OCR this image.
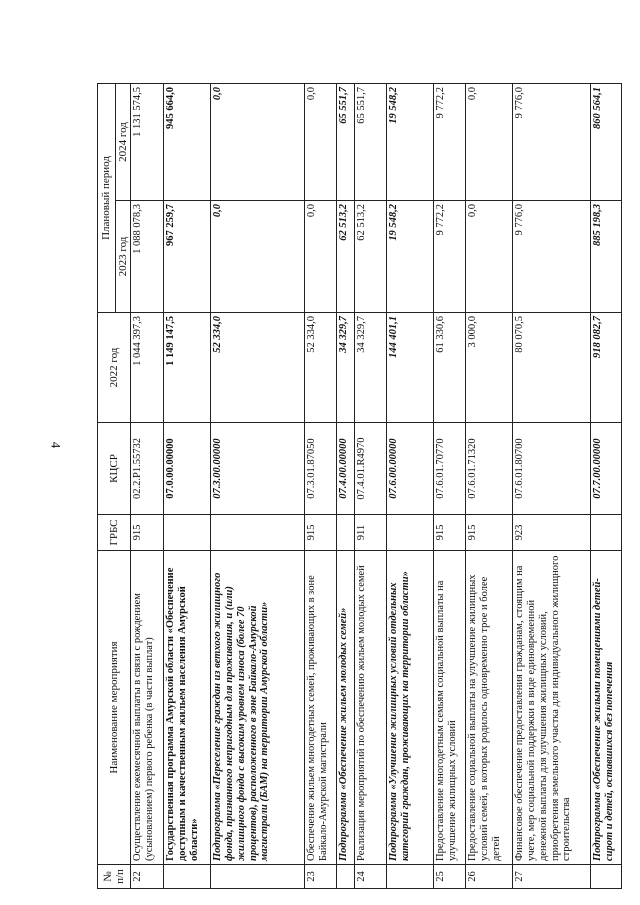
4
№ п/п	Наименование мероприятия	ГРБС	КЦСР	2022 год	Плановый период	
					2023 год	2024 год
22	Осуществление ежемесячной выплаты в связи с рождением (усыновлением) первого ребенка (в части выплат)	915	02.2.P1.55732	1 044 397,3	1 088 078,3	1 131 574,5
	Государственная программа Амурской области «Обеспечение доступным и качественным жильем населения Амурской области»		07.0.00.00000	1 149 147,5	967 259,7	945 664,0
	Подпрограмма «Переселение граждан из ветхого жилищного фонда, признанного непригодным для проживания, и (или) жилищного фонда с высоким уровнем износа (более 70 процентов), расположенного в зоне Байкало-Амурской магистрали (БАМ) на территории Амурской области»		07.3.00.00000	52 334,0	0,0	0,0
23	Обеспечение жильем многодетных семей, проживающих в зоне Байкало-Амурской магистрали	915	07.3.01.87050	52 334,0	0,0	0,0
	Подпрограмма «Обеспечение жильем молодых семей»		07.4.00.00000	34 329,7	62 513,2	65 551,7
24	Реализация мероприятий по обеспечению жильем молодых семей	911	07.4.01.R4970	34 329,7	62 513,2	65 551,7
	Подпрограмма «Улучшение жилищных условий отдельных категорий граждан, проживающих на территории области»		07.6.00.00000	144 401,1	19 548,2	19 548,2
25	Предоставление многодетным семьям социальной выплаты на улучшение жилищных условий	915	07.6.01.70770	61 330,6	9 772,2	9 772,2
26	Предоставление социальной выплаты на улучшение жилищных условий семей, в которых родилось одновременно трое и более детей	915	07.6.01.71320	3 000,0	0,0	0,0
27	Финансовое обеспечение предоставления гражданам, стоящим на учете, мер социальной поддержки в виде единовременной денежной выплаты для улучшения жилищных условий, приобретения земельного участка для индивидуального жилищного строительства	923	07.6.01.80700	80 070,5	9 776,0	9 776,0
	Подпрограмма «Обеспечение жилыми помещениями детей-сирот и детей, оставшихся без попечения		07.7.00.00000	918 082,7	885 198,3	860 564,1
